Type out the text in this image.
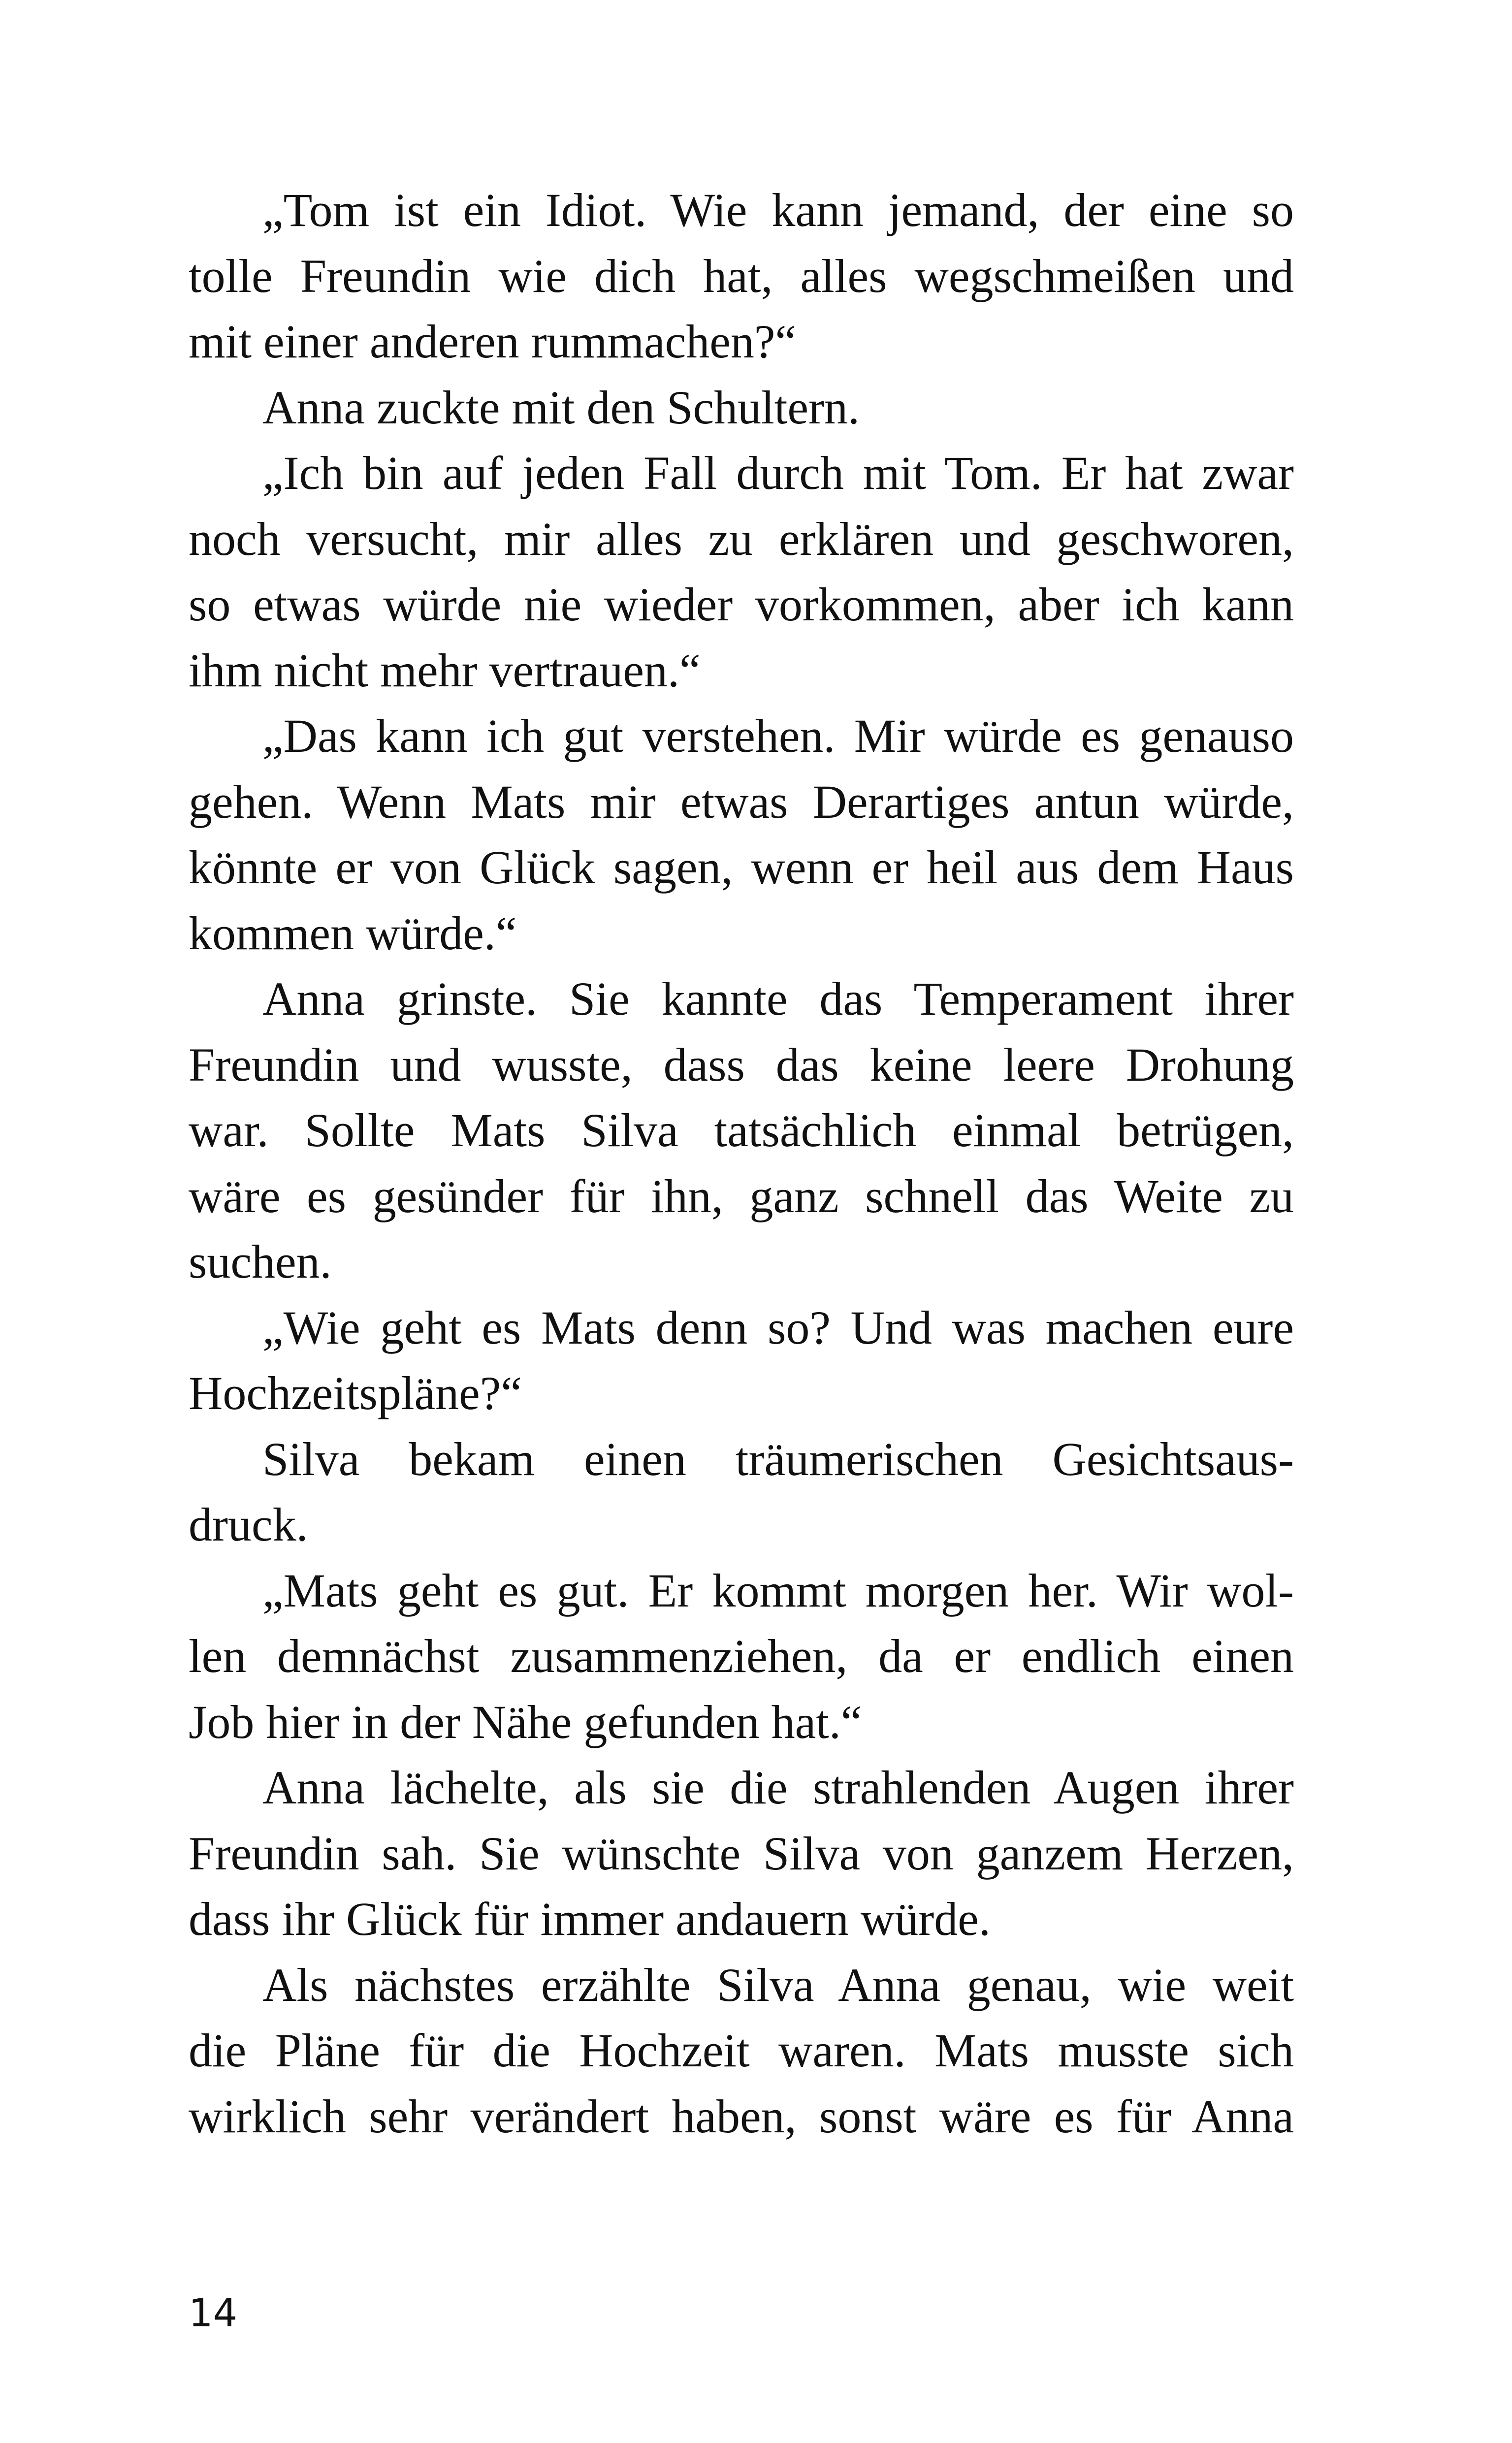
„Tom ist ein Idiot. Wie kann jemand, der eine so
tolle Freundin wie dich hat, alles wegschmeißen und
mit einer anderen rummachen?“

Anna zuckte mit den Schultern.

„Ich bin auf jeden Fall durch mit Tom. Er hat zwar
noch versucht, mir alles zu erklären und geschworen,
so etwas würde nie wieder vorkommen, aber ich kann
ihm nicht mehr vertrauen.“

„Das kann ich gut verstehen. Mir würde es genauso
gehen. Wenn Mats mir etwas Derartiges antun würde,
könnte er von Glück sagen, wenn er heil aus dem Haus
kommen würde.“

Anna grinste. Sie kannte das Temperament ihrer
Freundin und wusste, dass das keine leere Drohung
war. Sollte Mats Silva tatsächlich einmal betrügen,
wäre es gesünder für ihn, ganz schnell das Weite zu
suchen.

„Wie geht es Mats denn so? Und was machen eure
Hochzeitspläne?“

Silva bekam einen träumerischen Gesichtsaus-
druck.

„Mats geht es gut. Er kommt morgen her. Wir wol-
len demnächst zusammenziehen, da er endlich einen
Job hier in der Nähe gefunden hat.“

Anna lächelte, als sie die strahlenden Augen ihrer
Freundin sah. Sie wünschte Silva von ganzem Herzen,
dass ihr Glück für immer andauern würde.

Als nächstes erzählte Silva Anna genau, wie weit
die Pläne für die Hochzeit waren. Mats musste sich
wirklich sehr verändert haben, sonst wäre es für Anna

14
